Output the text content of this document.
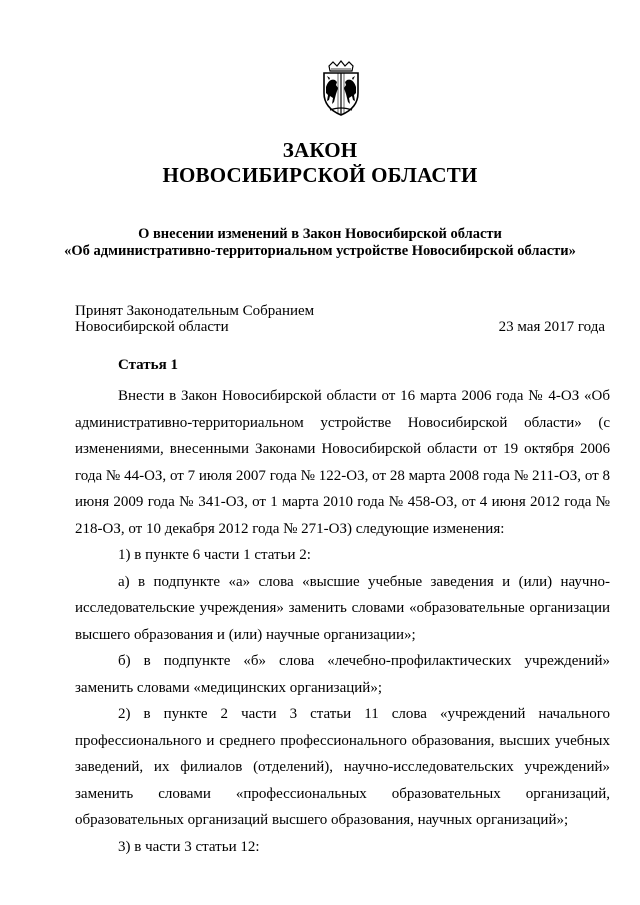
ЗАКОН
НОВОСИБИРСКОЙ ОБЛАСТИ
О внесении изменений в Закон Новосибирской области
«Об административно-территориальном устройстве Новосибирской области»
Принят Законодательным Собранием
Новосибирской области	23 мая 2017 года
Статья 1

Внести в Закон Новосибирской области от 16 марта 2006 года № 4-ОЗ «Об административно-территориальном устройстве Новосибирской области» (с изменениями, внесенными Законами Новосибирской области от 19 октября 2006 года № 44-ОЗ, от 7 июля 2007 года № 122-ОЗ, от 28 марта 2008 года № 211-ОЗ, от 8 июня 2009 года № 341-ОЗ, от 1 марта 2010 года № 458-ОЗ, от 4 июня 2012 года № 218-ОЗ, от 10 декабря 2012 года № 271-ОЗ) следующие изменения:

1) в пункте 6 части 1 статьи 2:

а) в подпункте «а» слова «высшие учебные заведения и (или) научно-исследовательские учреждения» заменить словами «образовательные организации высшего образования и (или) научные организации»;

б) в подпункте «б» слова «лечебно-профилактических учреждений» заменить словами «медицинских организаций»;

2) в пункте 2 части 3 статьи 11 слова «учреждений начального профессионального и среднего профессионального образования, высших учебных заведений, их филиалов (отделений), научно-исследовательских учреждений» заменить словами «профессиональных образовательных организаций, образовательных организаций высшего образования, научных организаций»;

3) в части 3 статьи 12:
